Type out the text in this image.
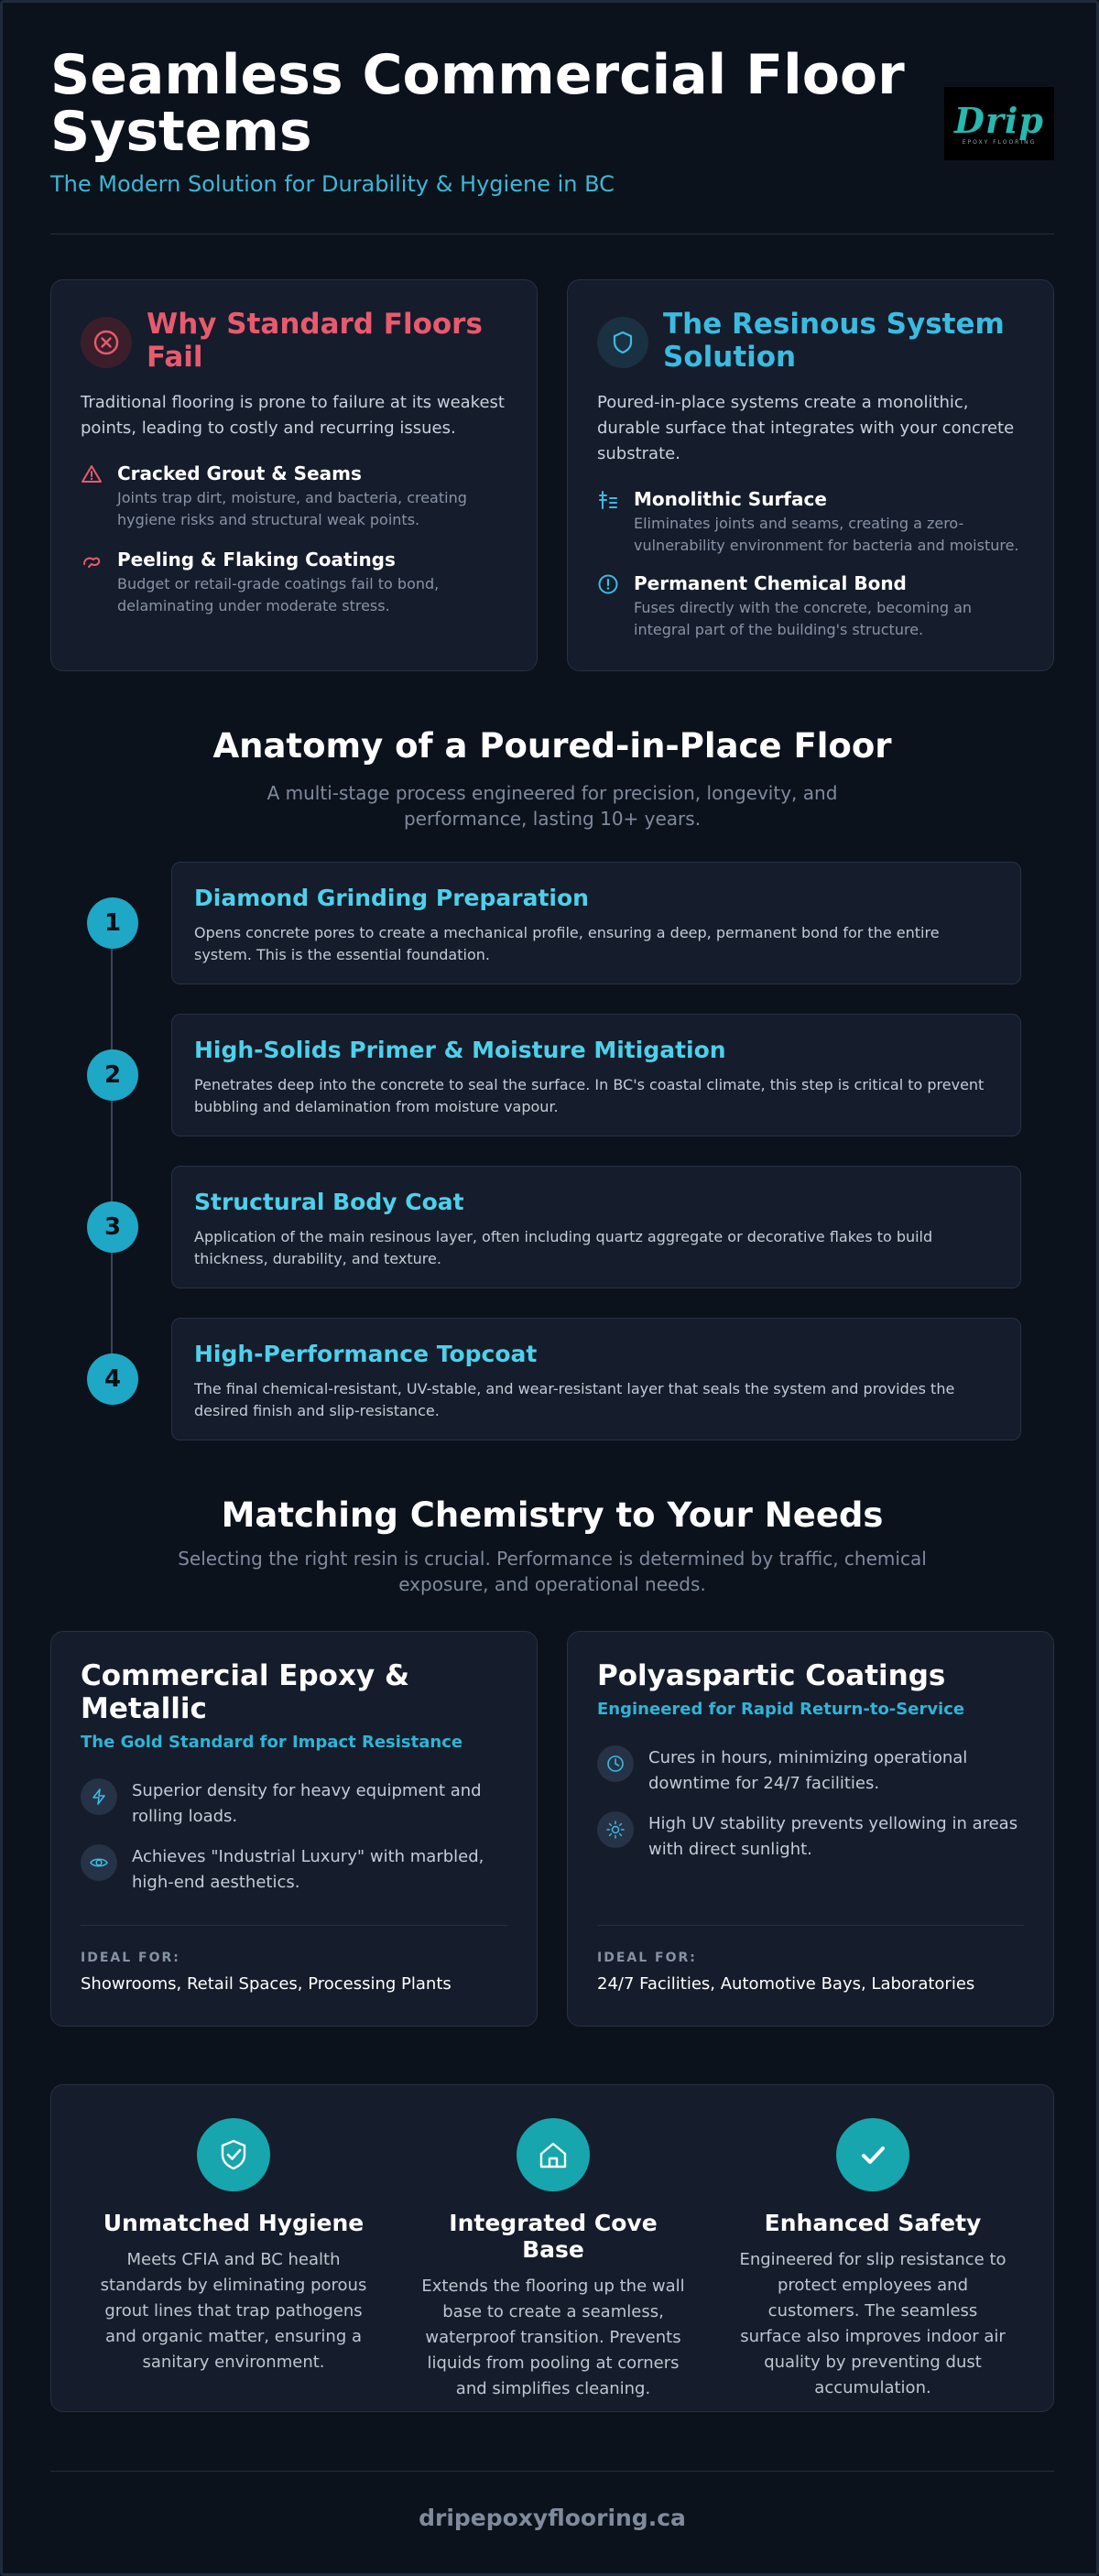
Seamless Commercial Floor Systems
The Modern Solution for Durability & Hygiene in BC
Drip
EPOXY FLOORING
Why Standard Floors Fail
Traditional flooring is prone to failure at its weakest points, leading to costly and recurring issues.
Cracked Grout & Seams
Joints trap dirt, moisture, and bacteria, creating hygiene risks and structural weak points.
Peeling & Flaking Coatings
Budget or retail-grade coatings fail to bond, delaminating under moderate stress.
The Resinous System Solution
Poured-in-place systems create a monolithic, durable surface that integrates with your concrete substrate.
Monolithic Surface
Eliminates joints and seams, creating a zero-vulnerability environment for bacteria and moisture.
Permanent Chemical Bond
Fuses directly with the concrete, becoming an integral part of the building's structure.
Anatomy of a Poured-in-Place Floor
A multi-stage process engineered for precision, longevity, and performance, lasting 10+ years.
1
Diamond Grinding Preparation
Opens concrete pores to create a mechanical profile, ensuring a deep, permanent bond for the entire system. This is the essential foundation.
2
High-Solids Primer & Moisture Mitigation
Penetrates deep into the concrete to seal the surface. In BC's coastal climate, this step is critical to prevent bubbling and delamination from moisture vapour.
3
Structural Body Coat
Application of the main resinous layer, often including quartz aggregate or decorative flakes to build thickness, durability, and texture.
4
High-Performance Topcoat
The final chemical-resistant, UV-stable, and wear-resistant layer that seals the system and provides the desired finish and slip-resistance.
Matching Chemistry to Your Needs
Selecting the right resin is crucial. Performance is determined by traffic, chemical exposure, and operational needs.
Commercial Epoxy & Metallic
The Gold Standard for Impact Resistance
Superior density for heavy equipment and rolling loads.
Achieves "Industrial Luxury" with marbled, high-end aesthetics.
IDEAL FOR:
Showrooms, Retail Spaces, Processing Plants
Polyaspartic Coatings
Engineered for Rapid Return-to-Service
Cures in hours, minimizing operational downtime for 24/7 facilities.
High UV stability prevents yellowing in areas with direct sunlight.
IDEAL FOR:
24/7 Facilities, Automotive Bays, Laboratories
Unmatched Hygiene
Meets CFIA and BC health standards by eliminating porous grout lines that trap pathogens and organic matter, ensuring a sanitary environment.
Integrated Cove Base
Extends the flooring up the wall base to create a seamless, waterproof transition. Prevents liquids from pooling at corners and simplifies cleaning.
Enhanced Safety
Engineered for slip resistance to protect employees and customers. The seamless surface also improves indoor air quality by preventing dust accumulation.
dripepoxyflooring.ca
